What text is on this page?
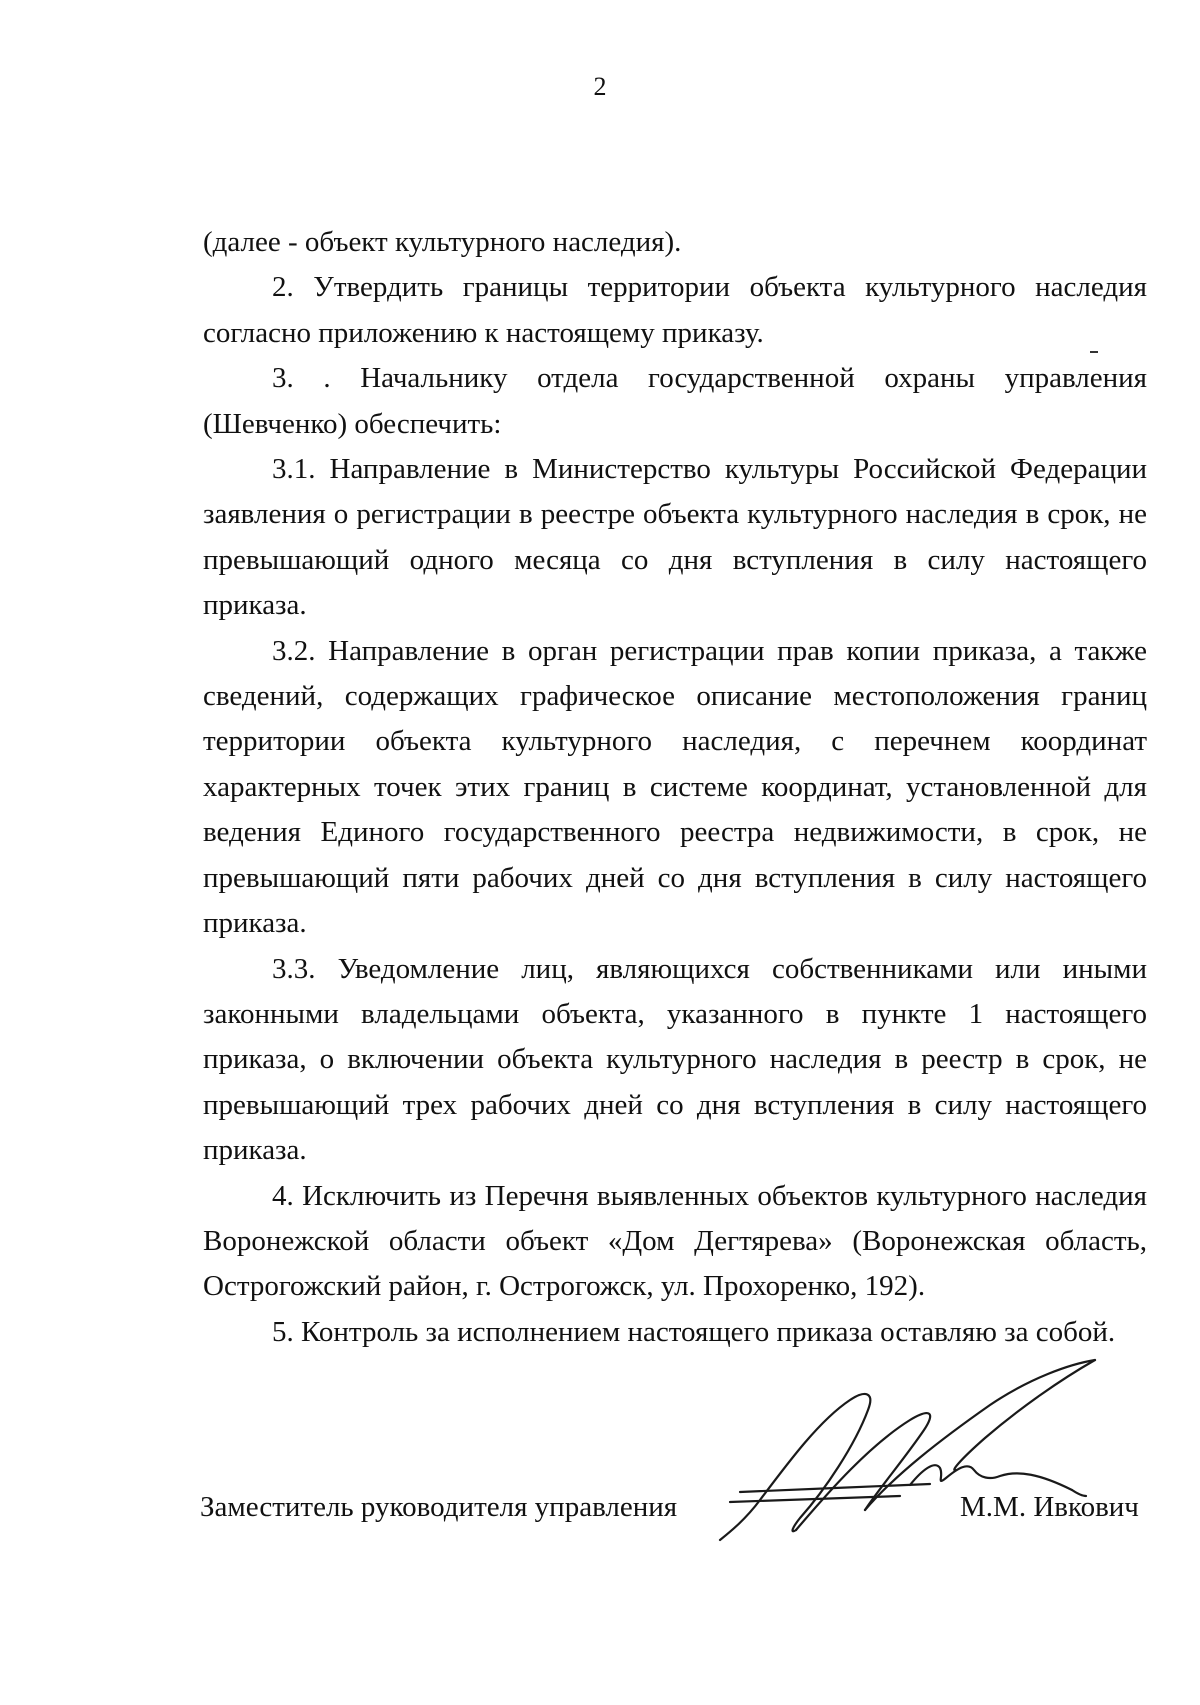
2

(далее - объект культурного наследия).

2. Утвердить границы территории объекта культурного наследия согласно приложению к настоящему приказу.

3. . Начальнику отдела государственной охраны управления (Шевченко) обеспечить:

3.1. Направление в Министерство культуры Российской Федерации заявления о регистрации в реестре объекта культурного наследия в срок, не превышающий одного месяца со дня вступления в силу настоящего приказа.

3.2. Направление в орган регистрации прав копии приказа, а также сведений, содержащих графическое описание местоположения границ территории объекта культурного наследия, с перечнем координат характерных точек этих границ в системе координат, установленной для ведения Единого государственного реестра недвижимости, в срок, не превышающий пяти рабочих дней со дня вступления в силу настоящего приказа.

3.3. Уведомление лиц, являющихся собственниками или иными законными владельцами объекта, указанного в пункте 1 настоящего приказа, о включении объекта культурного наследия в реестр в срок, не превышающий трех рабочих дней со дня вступления в силу настоящего приказа.

4. Исключить из Перечня выявленных объектов культурного наследия Воронежской области объект «Дом Дегтярева» (Воронежская область, Острогожский район, г. Острогожск, ул. Прохоренко, 192).

5. Контроль за исполнением настоящего приказа оставляю за собой.

Заместитель руководителя управления	М.М. Ивкович
